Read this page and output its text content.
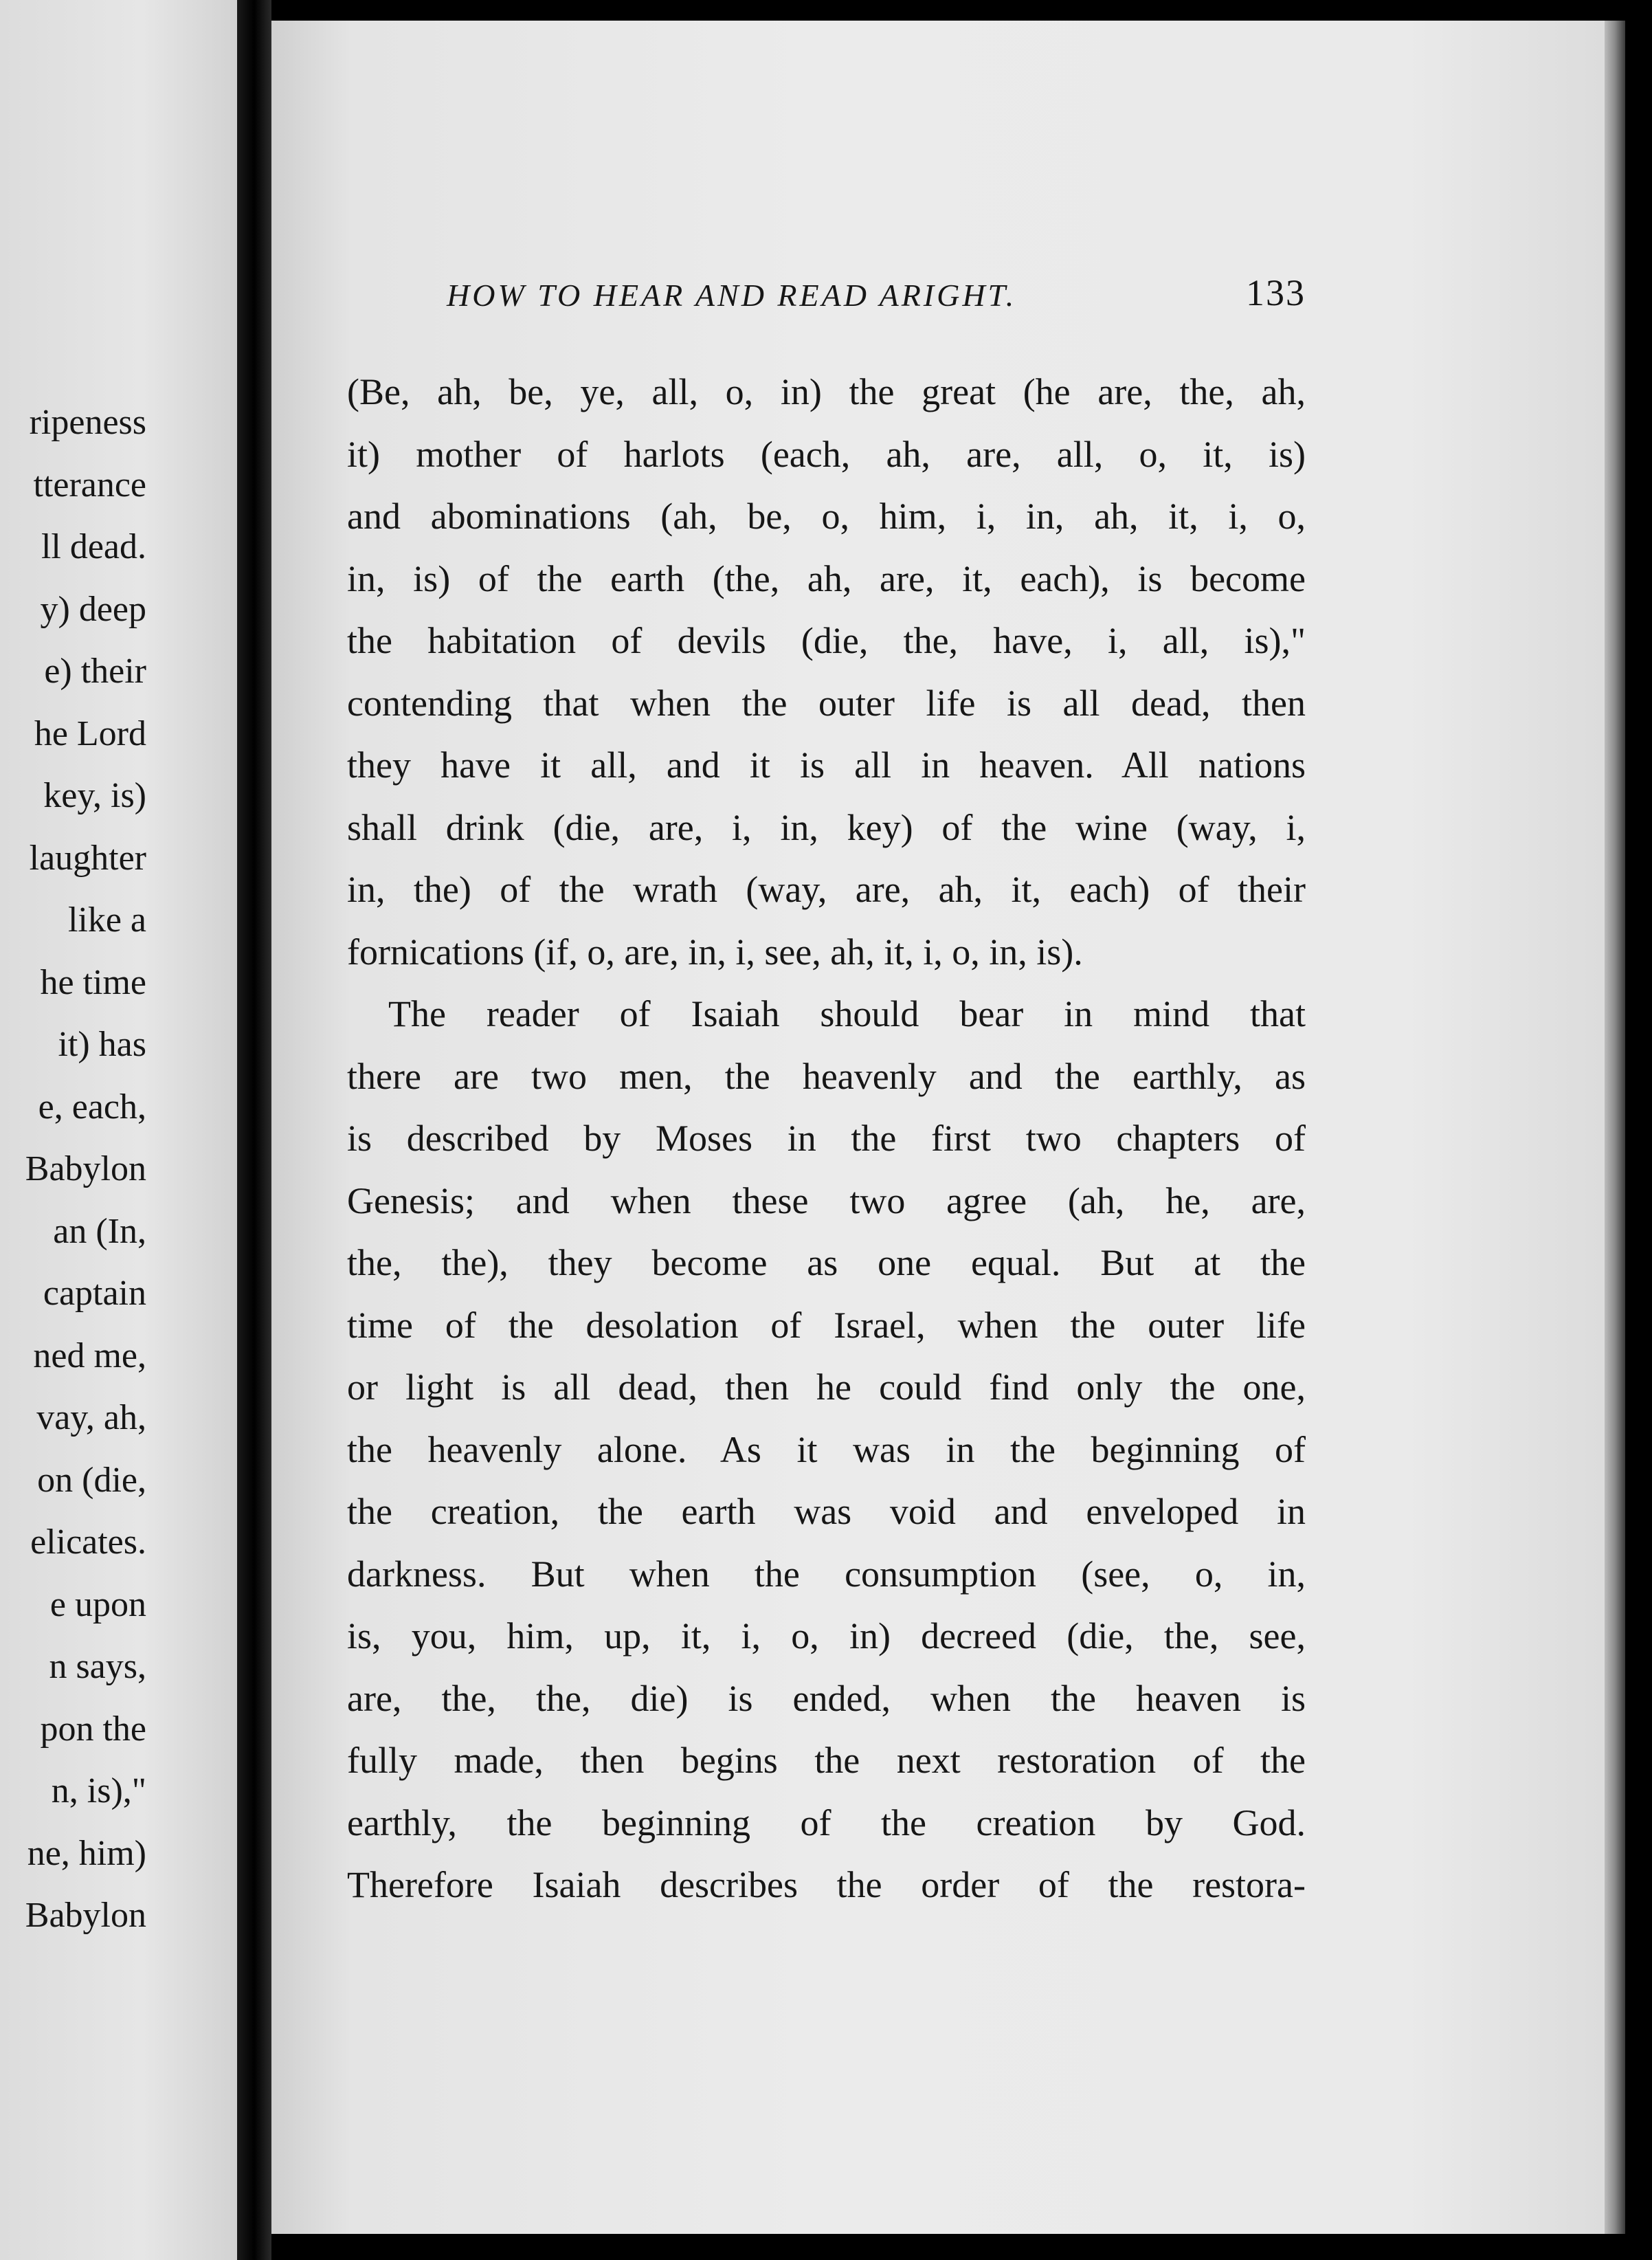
ripeness
tterance
ll dead.
y) deep
e) their
he Lord
key, is)
laughter
like a
he time
it) has
e, each,
Babylon
an (In,
captain
ned me,
vay, ah,
on (die,
elicates.
e upon
n says,
pon the
n, is),"
ne, him)
Babylon
HOW TO HEAR AND READ ARIGHT.	133
(Be, ah, be, ye, all, o, in) the great (he are, the, ah,
it) mother of harlots (each, ah, are, all, o, it, is)
and abominations (ah, be, o, him, i, in, ah, it, i, o,
in, is) of the earth (the, ah, are, it, each), is become
the habitation of devils (die, the, have, i, all, is),"
contending that when the outer life is all dead, then
they have it all, and it is all in heaven. All nations
shall drink (die, are, i, in, key) of the wine (way, i,
in, the) of the wrath (way, are, ah, it, each) of their
fornications (if, o, are, in, i, see, ah, it, i, o, in, is).
The reader of Isaiah should bear in mind that
there are two men, the heavenly and the earthly, as
is described by Moses in the first two chapters of
Genesis; and when these two agree (ah, he, are,
the, the), they become as one equal. But at the
time of the desolation of Israel, when the outer life
or light is all dead, then he could find only the one,
the heavenly alone. As it was in the beginning of
the creation, the earth was void and enveloped in
darkness. But when the consumption (see, o, in,
is, you, him, up, it, i, o, in) decreed (die, the, see,
are, the, the, die) is ended, when the heaven is
fully made, then begins the next restoration of the
earthly, the beginning of the creation by God.
Therefore Isaiah describes the order of the restora-
